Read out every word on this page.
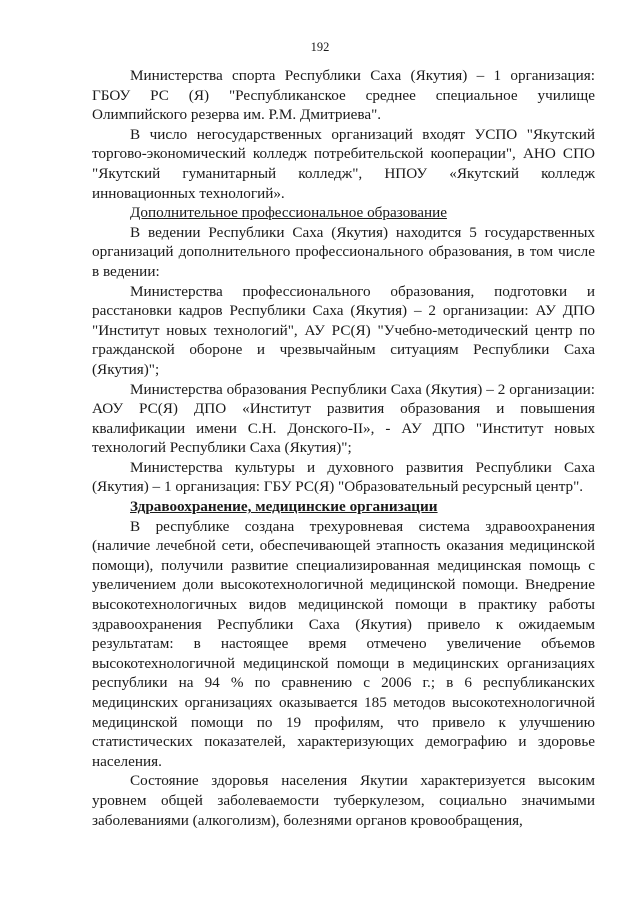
192

Министерства спорта Республики Саха (Якутия) – 1 организация: ГБОУ РС (Я) "Республиканское среднее специальное училище Олимпийского резерва им. Р.М. Дмитриева".

В число негосударственных организаций входят УСПО "Якутский торгово-экономический колледж потребительской кооперации", АНО СПО "Якутский гуманитарный колледж", НПОУ «Якутский колледж инновационных технологий».

Дополнительное профессиональное образование

В ведении Республики Саха (Якутия) находится 5 государственных организаций дополнительного профессионального образования, в том числе в ведении:

Министерства профессионального образования, подготовки и расстановки кадров Республики Саха (Якутия) – 2 организации: АУ ДПО "Институт новых технологий", АУ РС(Я) "Учебно-методический центр по гражданской обороне и чрезвычайным ситуациям Республики Саха (Якутия)";

Министерства образования Республики Саха (Якутия) – 2 организации: АОУ РС(Я) ДПО «Институт развития образования и повышения квалификации имени С.Н. Донского-II», - АУ ДПО "Институт новых технологий Республики Саха (Якутия)";

Министерства культуры и духовного развития Республики Саха (Якутия) – 1 организация: ГБУ РС(Я) "Образовательный ресурсный центр".

Здравоохранение, медицинские организации

В республике создана трехуровневая система здравоохранения (наличие лечебной сети, обеспечивающей этапность оказания медицинской помощи), получили развитие специализированная медицинская помощь с увеличением доли высокотехнологичной медицинской помощи. Внедрение высокотехнологичных видов медицинской помощи в практику работы здравоохранения Республики Саха (Якутия) привело к ожидаемым результатам: в настоящее время отмечено увеличение объемов высокотехнологичной медицинской помощи в медицинских организациях республики на 94 % по сравнению с 2006 г.; в 6 республиканских медицинских организациях оказывается 185 методов высокотехнологичной медицинской помощи по 19 профилям, что привело к улучшению статистических показателей, характеризующих демографию и здоровье населения.

Состояние здоровья населения Якутии характеризуется высоким уровнем общей заболеваемости туберкулезом, социально значимыми заболеваниями (алкоголизм), болезнями органов кровообращения,
